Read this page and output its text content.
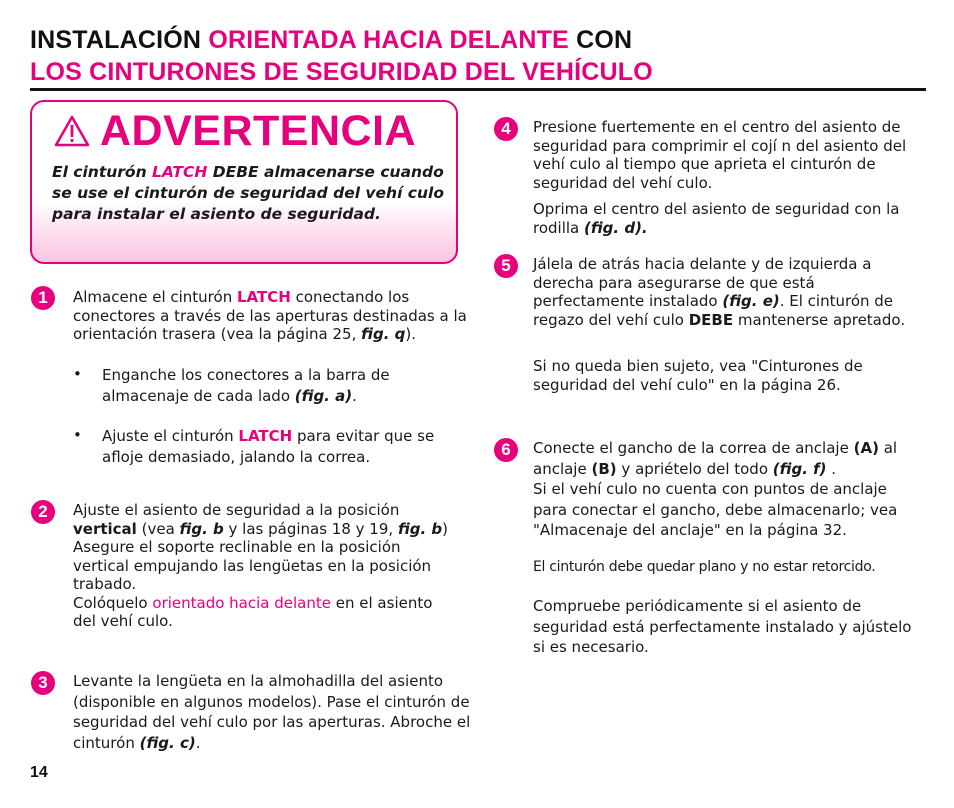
INSTALACIÓN ORIENTADA HACIA DELANTE CON
LOS CINTURONES DE SEGURIDAD DEL VEHÍCULO
ADVERTENCIA

El cinturón LATCH DEBE almacenarse cuando se use el cinturón de seguridad del vehí culo para instalar el asiento de seguridad.

1	Almacene el cinturón LATCH conectando los conectores a través de las aperturas destinadas a la orientación trasera (vea la página 25, fig. q).

• Enganche los conectores a la barra de almacenaje de cada lado (fig. a).

• Ajuste el cinturón LATCH para evitar que se afloje demasiado, jalando la correa.

2	Ajuste el asiento de seguridad a la posición vertical (vea fig. b y las páginas 18 y 19, fig. b) Asegure el soporte reclinable en la posición vertical empujando las lengüetas en la posición trabado.
Colóquelo orientado hacia delante en el asiento del vehí culo.

3	Levante la lengüeta en la almohadilla del asiento (disponible en algunos modelos). Pase el cinturón de seguridad del vehí culo por las aperturas. Abroche el cinturón (fig. c).

4	Presione fuertemente en el centro del asiento de seguridad para comprimir el cojí n del asiento del vehí culo al tiempo que aprieta el cinturón de seguridad del vehí culo.

Oprima el centro del asiento de seguridad con la rodilla (fig. d).

5	Jálela de atrás hacia delante y de izquierda a derecha para asegurarse de que está perfectamente instalado (fig. e). El cinturón de regazo del vehí culo DEBE mantenerse apretado.

Si no queda bien sujeto, vea "Cinturones de seguridad del vehí culo" en la página 26.

6	Conecte el gancho de la correa de anclaje (A) al anclaje (B) y apriételo del todo (fig. f) .
Si el vehí culo no cuenta con puntos de anclaje para conectar el gancho, debe almacenarlo; vea "Almacenaje del anclaje" en la página 32.

El cinturón debe quedar plano y no estar retorcido.

Compruebe periódicamente si el asiento de seguridad está perfectamente instalado y ajústelo si es necesario.

14
